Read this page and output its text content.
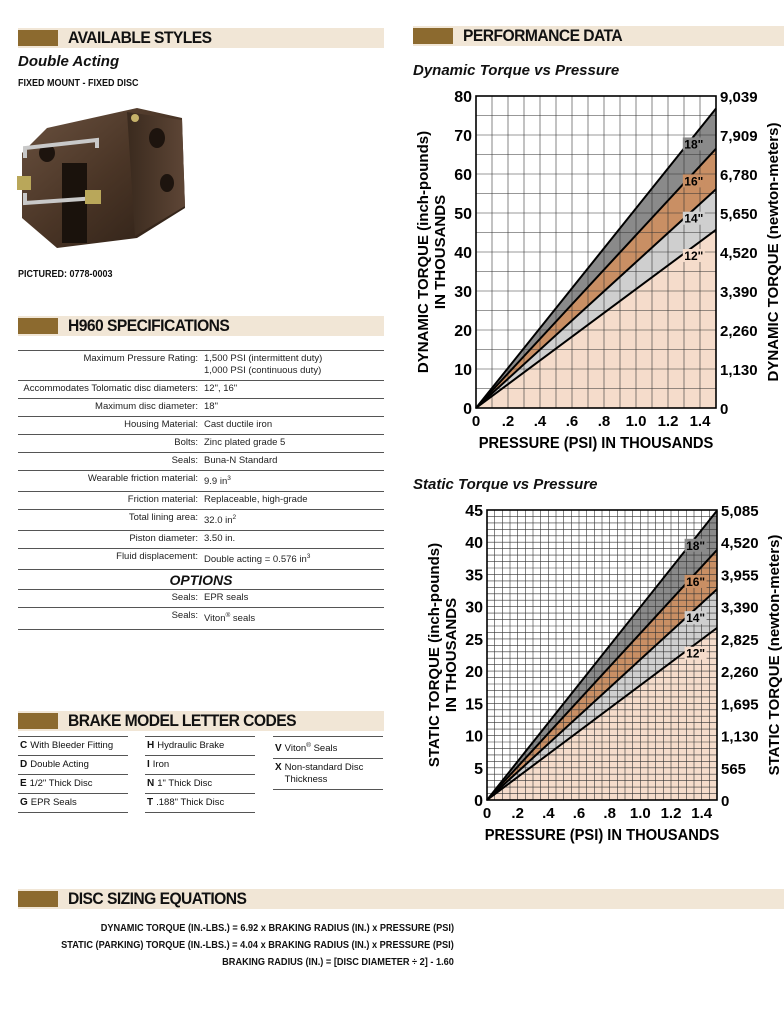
AVAILABLE STYLES
Double Acting
FIXED MOUNT - FIXED DISC
PICTURED: 0778-0003
H960 SPECIFICATIONS
Maximum Pressure Rating: 1,500 PSI (intermittent duty)
1,000 PSI (continuous duty)
Accommodates Tolomatic disc diameters: 12", 16"
Maximum disc diameter: 18"
Housing Material: Cast ductile iron
Bolts: Zinc plated grade 5
Seals: Buna-N Standard
Wearable friction material: 9.9 $in^3$
Friction material: Replaceable, high-grade
Total lining area: 32.0 $in^2$
Piston diameter: 3.50 in.
Fluid displacement: Double acting = 0.576 $in^3$
OPTIONS
Seals: EPR seals
Seals: Viton® seals
BRAKE MODEL LETTER CODES
C With Bleeder Fitting
D Double Acting
E 1/2" Thick Disc
G EPR Seals
H Hydraulic Brake
I Iron
N 1" Thick Disc
T .188" Thick Disc
V Viton® Seals
X Non-standard Disc
Thickness
PERFORMANCE DATA
Dynamic Torque vs Pressure
12"
14"
16"
18"
0 .2 .4 .6 .8 1.0 1.2 1.4
0
10
20
30
40
50
60
70
80
0
1,130
2,260
3,390
4,520
5,650
6,780
7,909
9,039
PRESSURE (PSI) IN THOUSANDS
DYNAMIC TORQUE (inch-pounds) IN THOUSANDS	DYNAMIC TORQUE (newton-meters)
Static Torque vs Pressure
12"
14"
16"
18"
0 .2 .4 .6 .8 1.0 1.2 1.4
0
5
10
15
20
25
30
35
40
45
0
565
1,130
1,695
2,260
2,825
3,390
3,955
4,520
5,085
PRESSURE (PSI) IN THOUSANDS
STATIC TORQUE (inch-pounds) IN THOUSANDS	STATIC TORQUE (newton-meters)
DISC SIZING EQUATIONS
DYNAMIC TORQUE (IN.-LBS.) = 6.92 x BRAKING RADIUS (IN.) x PRESSURE (PSI)
STATIC (PARKING) TORQUE (IN.-LBS.) = 4.04 x BRAKING RADIUS (IN.) x PRESSURE (PSI)
BRAKING RADIUS (IN.) = [DISC DIAMETER ÷ 2] - 1.60
